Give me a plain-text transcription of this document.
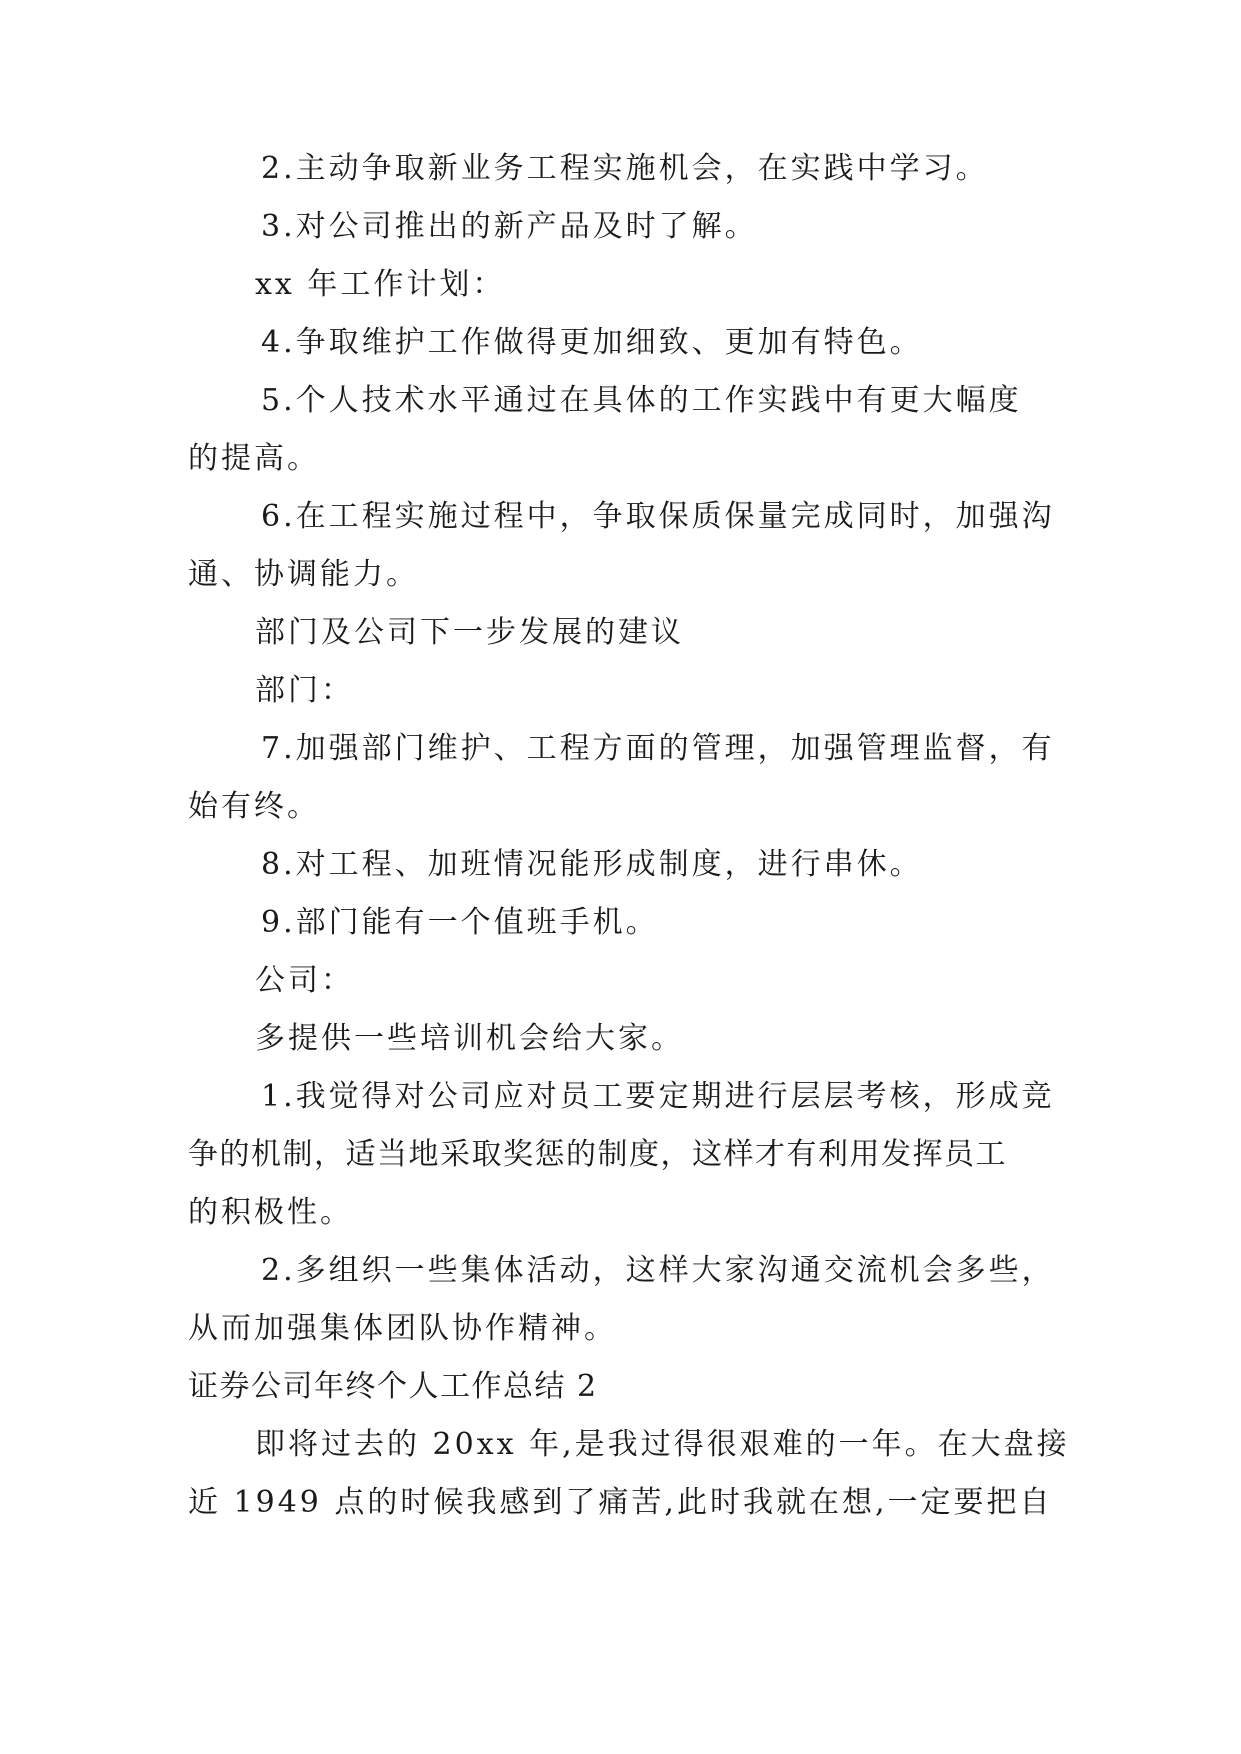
2.主动争取新业务工程实施机会，在实践中学习。
3.对公司推出的新产品及时了解。
xx 年工作计划：
4.争取维护工作做得更加细致、更加有特色。
5.个人技术水平通过在具体的工作实践中有更大幅度
的提高。
6.在工程实施过程中，争取保质保量完成同时，加强沟
通、协调能力。
部门及公司下一步发展的建议
部门：
7.加强部门维护、工程方面的管理，加强管理监督，有
始有终。
8.对工程、加班情况能形成制度，进行串休。
9.部门能有一个值班手机。
公司：
多提供一些培训机会给大家。
1.我觉得对公司应对员工要定期进行层层考核，形成竞
争的机制，适当地采取奖惩的制度，这样才有利用发挥员工
的积极性。
2.多组织一些集体活动，这样大家沟通交流机会多些，
从而加强集体团队协作精神。
证券公司年终个人工作总结 2
即将过去的 20xx 年,是我过得很艰难的一年。在大盘接
近 1949 点的时候我感到了痛苦,此时我就在想,一定要把自
